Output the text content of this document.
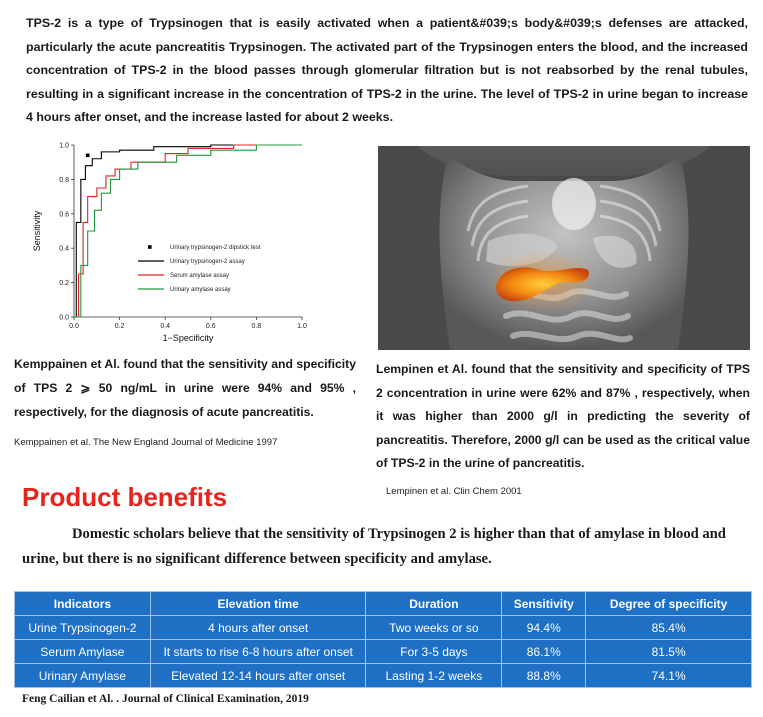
TPS-2 is a type of Trypsinogen that is easily activated when a patient&#039;s body&#039;s defenses are attacked, particularly the acute pancreatitis Trypsinogen. The activated part of the Trypsinogen enters the blood, and the increased concentration of TPS-2 in the blood passes through glomerular filtration but is not reabsorbed by the renal tubules, resulting in a significant increase in the concentration of TPS-2 in the urine. The level of TPS-2 in urine began to increase 4 hours after onset, and the increase lasted for about 2 weeks.
0.0	0.2	0.4	0.6	0.8	1.0
0.0
0.2
0.4
0.6
0.8
1.0
1−Specificity
Sensitivity	Urinary trypsinogen-2 dipstick test
Urinary trypsinogen-2 assay
Serum amylase assay
Urinary amylase assay
Kemppainen et Al. found that the sensitivity and specificity of TPS 2 ⩾ 50 ng/mL in urine were 94% and 95% , respectively, for the diagnosis of acute pancreatitis.
Kemppainen et al. The New England Journal of Medicine 1997
Lempinen et Al. found that the sensitivity and specificity of TPS 2 concentration in urine were 62% and 87% , respectively, when it was higher than 2000 g/l in predicting the severity of pancreatitis. Therefore, 2000 g/l can be used as the critical value of TPS-2 in the urine of pancreatitis.
Lempinen et al. Clin Chem 2001
Product benefits
Domestic scholars believe that the sensitivity of Trypsinogen 2 is higher than that of amylase in blood and urine, but there is no significant difference between specificity and amylase.
Indicators	Elevation time	Duration	Sensitivity	Degree of specificity
Urine Trypsinogen-2	4 hours after onset	Two weeks or so	94.4%	85.4%
Serum Amylase	It starts to rise 6-8 hours after onset	For 3-5 days	86.1%	81.5%
Urinary Amylase	Elevated 12-14 hours after onset	Lasting 1-2 weeks	88.8%	74.1%
Feng Cailian et Al. . Journal of Clinical Examination, 2019
